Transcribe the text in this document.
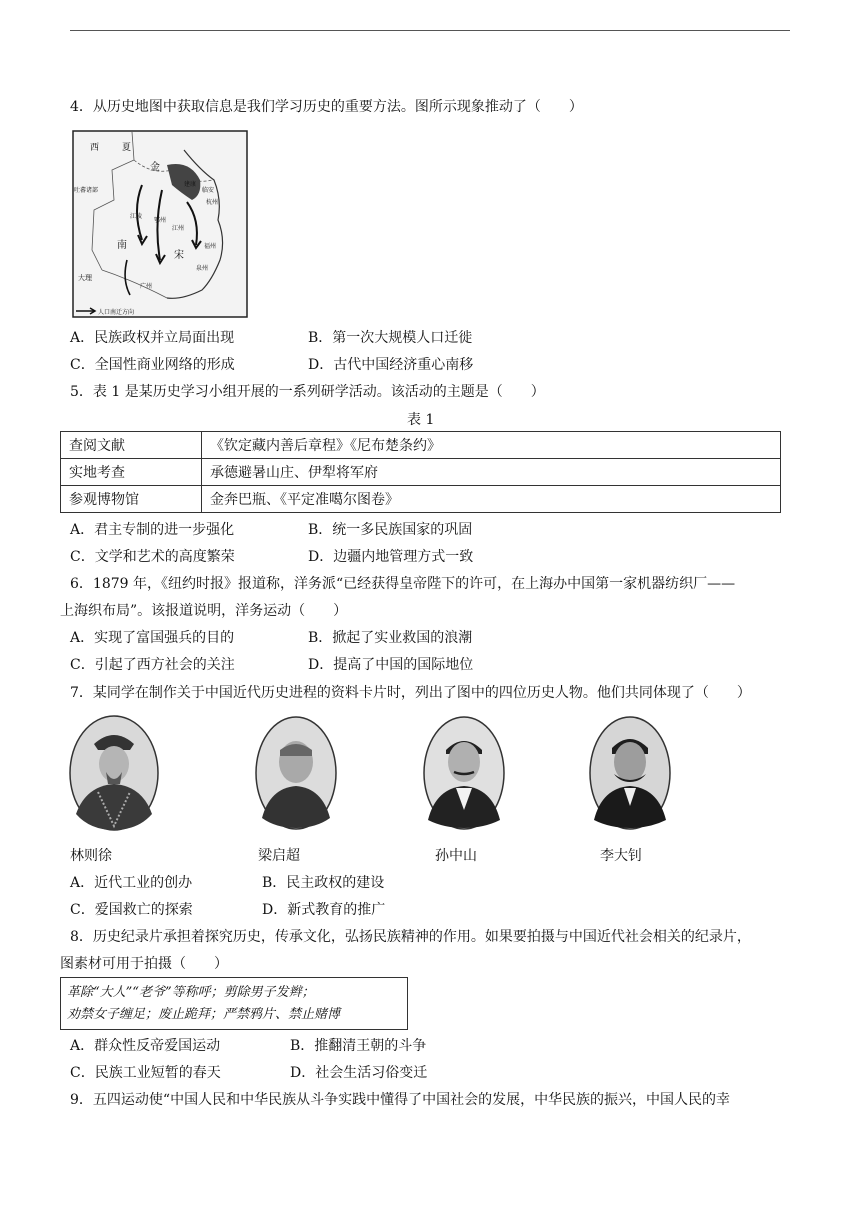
4．从历史地图中获取信息是我们学习历史的重要方法。图所示现象推动了（　　）
西	夏
金
吐蕃诸部
大理
南
宋
江陵
鄂州
江州
杭州
广州
泉州
福州
临安
建康
人口南迁方向
A．民族政权并立局面出现	B．第一次大规模人口迁徙
C．全国性商业网络的形成	D．古代中国经济重心南移
5．表 1 是某历史学习小组开展的一系列研学活动。该活动的主题是（　　）
表 1
查阅文献	《钦定藏内善后章程》《尼布楚条约》
实地考查	承德避暑山庄、伊犁将军府
参观博物馆	金奔巴瓶、《平定准噶尔图卷》
A．君主专制的进一步强化	B．统一多民族国家的巩固
C．文学和艺术的高度繁荣	D．边疆内地管理方式一致
6．1879 年，《纽约时报》报道称，洋务派“已经获得皇帝陛下的许可，在上海办中国第一家机器纺织厂——
上海织布局”。该报道说明，洋务运动（　　）
A．实现了富国强兵的目的	B．掀起了实业救国的浪潮
C．引起了西方社会的关注	D．提高了中国的国际地位
7．某同学在制作关于中国近代历史进程的资料卡片时，列出了图中的四位历史人物。他们共同体现了（　　）
林则徐	梁启超	孙中山	李大钊
A．近代工业的创办	B．民主政权的建设
C．爱国救亡的探索	D．新式教育的推广
8．历史纪录片承担着探究历史，传承文化，弘扬民族精神的作用。如果要拍摄与中国近代社会相关的纪录片，
图素材可用于拍摄（　　）
革除“大人”“老爷”等称呼；剪除男子发辫；
劝禁女子缠足；废止跪拜；严禁鸦片、禁止赌博
A．群众性反帝爱国运动	B．推翻清王朝的斗争
C．民族工业短暂的春天	D．社会生活习俗变迁
9．五四运动使“中国人民和中华民族从斗争实践中懂得了中国社会的发展，中华民族的振兴，中国人民的幸
